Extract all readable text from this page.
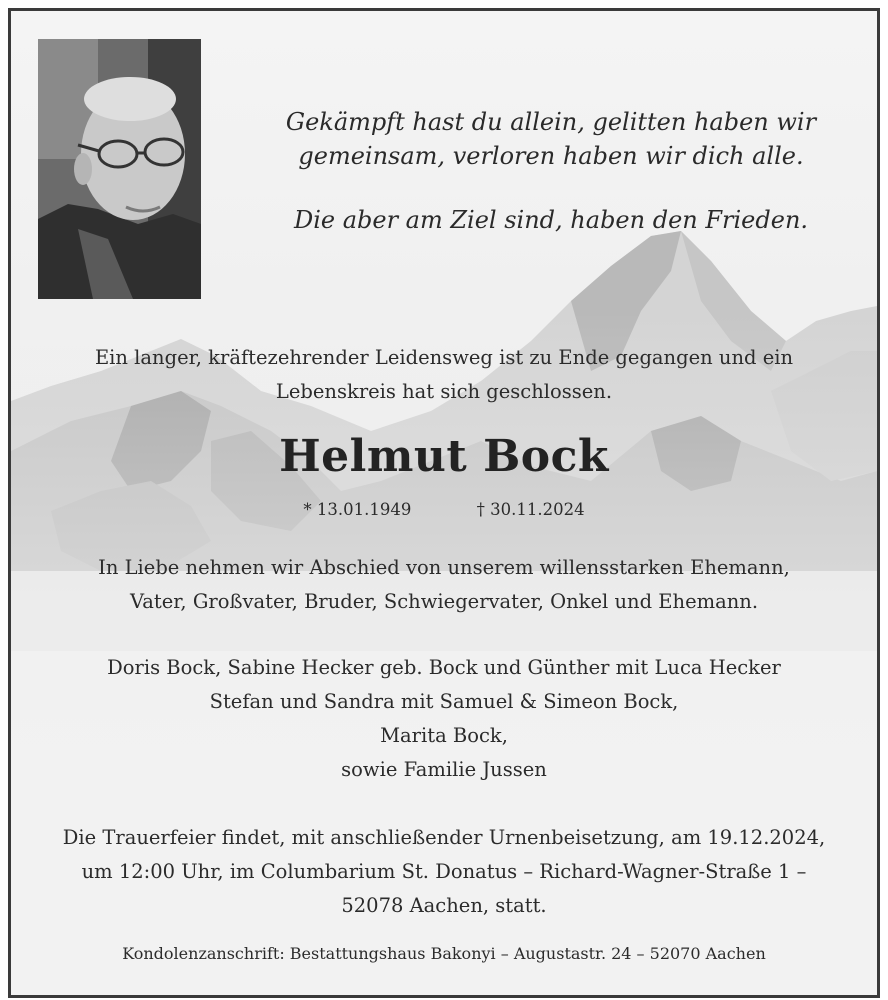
Gekämpft hast du allein, gelitten haben wir

gemeinsam, verloren haben wir dich alle.

Die aber am Ziel sind, haben den Frieden.

Ein langer, kräftezehrender Leidensweg ist zu Ende gegangen und ein
Lebenskreis hat sich geschlossen.
Helmut Bock
* 13.01.1949	† 30.11.2024
In Liebe nehmen wir Abschied von unserem willensstarken Ehemann,
Vater, Großvater, Bruder, Schwiegervater, Onkel und Ehemann.
Doris Bock, Sabine Hecker geb. Bock und Günther mit Luca Hecker
Stefan und Sandra mit Samuel & Simeon Bock,
Marita Bock,
sowie Familie Jussen
Die Trauerfeier findet, mit anschließender Urnenbeisetzung, am 19.12.2024,
um 12:00 Uhr, im Columbarium St. Donatus – Richard-Wagner-Straße 1 –
52078 Aachen, statt.
Kondolenzanschrift: Bestattungshaus Bakonyi – Augustastr. 24 – 52070 Aachen
